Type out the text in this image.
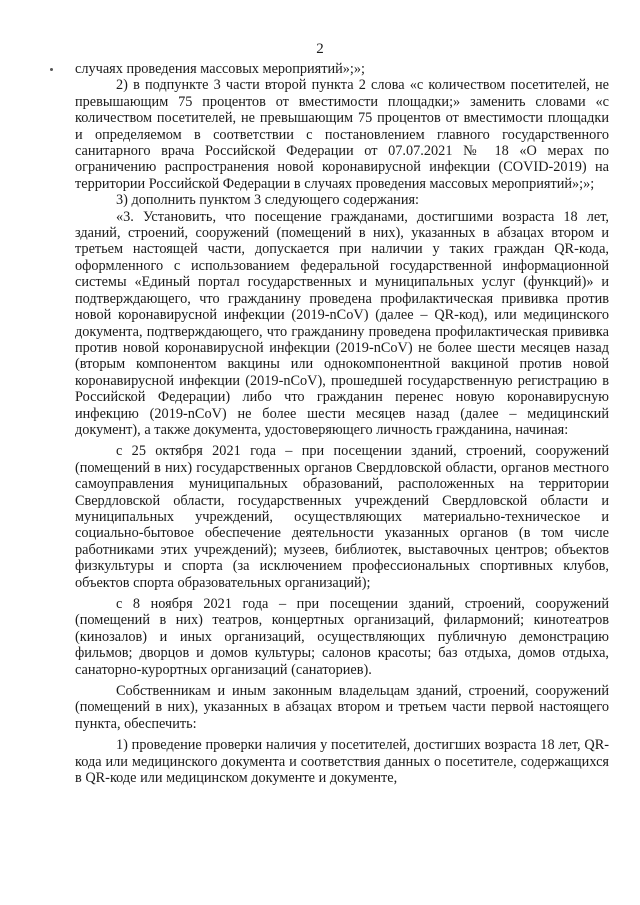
2

случаях проведения массовых мероприятий»;»;

2) в подпункте 3 части второй пункта 2 слова «с количеством посетителей, не превышающим 75 процентов от вместимости площадки;» заменить словами «с количеством посетителей, не превышающим 75 процентов от вместимости площадки и определяемом в соответствии с постановлением главного государственного санитарного врача Российской Федерации от 07.07.2021 № 18 «О мерах по ограничению распространения новой коронавирусной инфекции (COVID-2019) на территории Российской Федерации в случаях проведения массовых мероприятий»;»;

3) дополнить пунктом 3 следующего содержания:

«3. Установить, что посещение гражданами, достигшими возраста 18 лет, зданий, строений, сооружений (помещений в них), указанных в абзацах втором и третьем настоящей части, допускается при наличии у таких граждан QR-кода, оформленного с использованием федеральной государственной информационной системы «Единый портал государственных и муниципальных услуг (функций)» и подтверждающего, что гражданину проведена профилактическая прививка против новой коронавирусной инфекции (2019-nCoV) (далее – QR-код), или медицинского документа, подтверждающего, что гражданину проведена профилактическая прививка против новой коронавирусной инфекции (2019-nCoV) не более шести месяцев назад (вторым компонентом вакцины или однокомпонентной вакциной против новой коронавирусной инфекции (2019-nCoV), прошедшей государственную регистрацию в Российской Федерации) либо что гражданин перенес новую коронавирусную инфекцию (2019-nCoV) не более шести месяцев назад (далее – медицинский документ), а также документа, удостоверяющего личность гражданина, начиная:

с 25 октября 2021 года – при посещении зданий, строений, сооружений (помещений в них) государственных органов Свердловской области, органов местного самоуправления муниципальных образований, расположенных на территории Свердловской области, государственных учреждений Свердловской области и муниципальных учреждений, осуществляющих материально-техническое и социально-бытовое обеспечение деятельности указанных органов (в том числе работниками этих учреждений); музеев, библиотек, выставочных центров; объектов физкультуры и спорта (за исключением профессиональных спортивных клубов, объектов спорта образовательных организаций);

с 8 ноября 2021 года – при посещении зданий, строений, сооружений (помещений в них) театров, концертных организаций, филармоний; кинотеатров (кинозалов) и иных организаций, осуществляющих публичную демонстрацию фильмов; дворцов и домов культуры; салонов красоты; баз отдыха, домов отдыха, санаторно-курортных организаций (санаториев).

Собственникам и иным законным владельцам зданий, строений, сооружений (помещений в них), указанных в абзацах втором и третьем части первой настоящего пункта, обеспечить:

1) проведение проверки наличия у посетителей, достигших возраста 18 лет, QR-кода или медицинского документа и соответствия данных о посетителе, содержащихся в QR-коде или медицинском документе и документе,
